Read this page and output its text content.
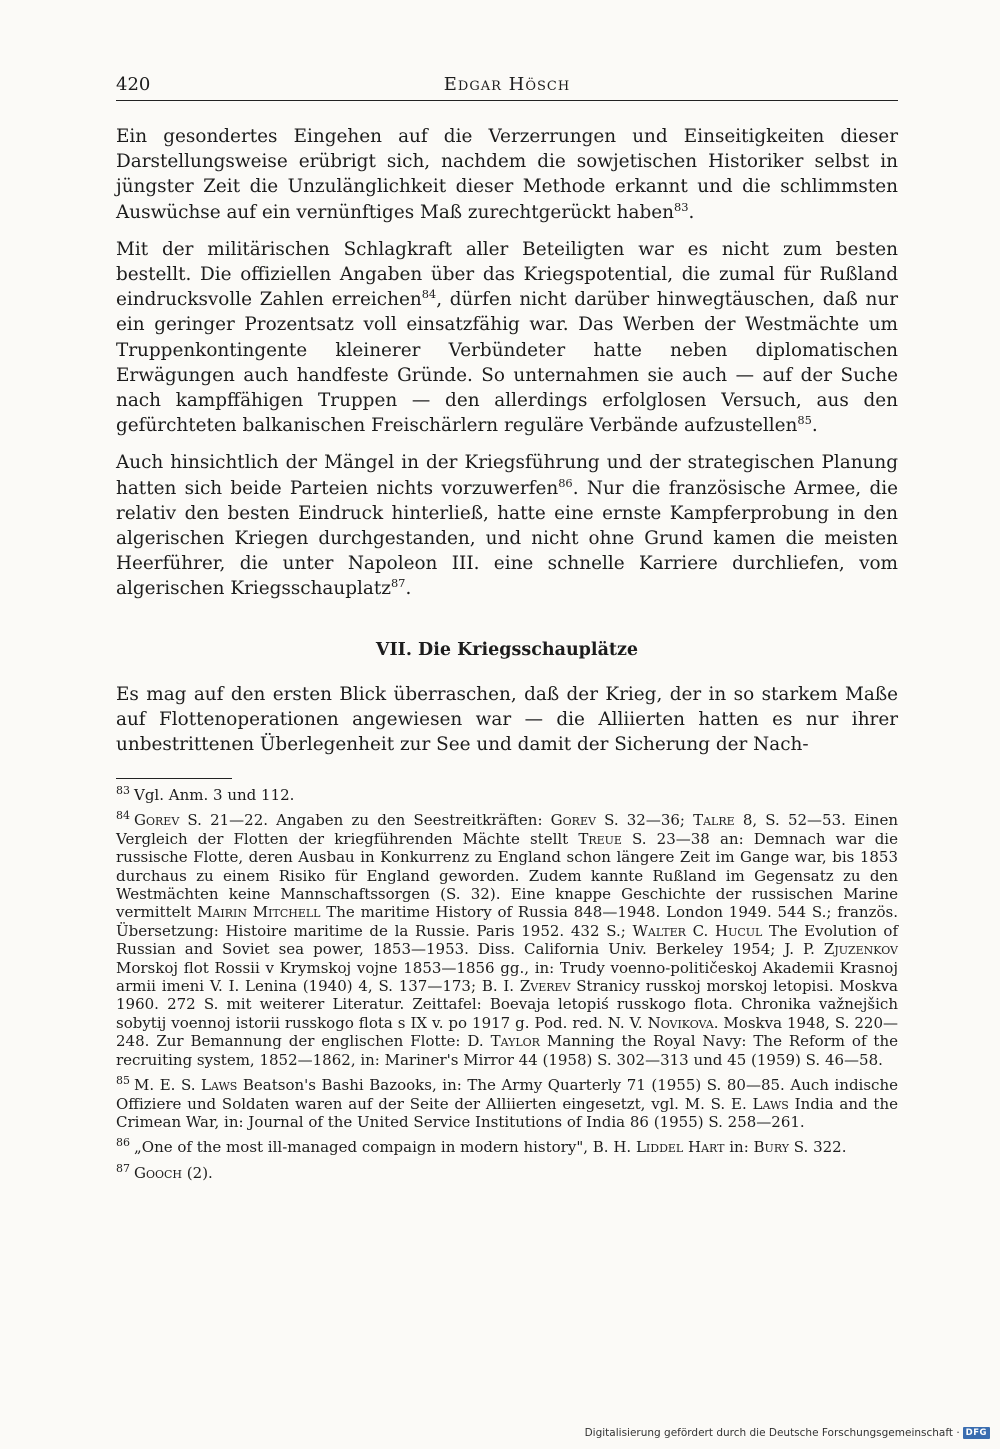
420	Edgar Hösch

Ein gesondertes Eingehen auf die Verzerrungen und Einseitigkeiten dieser Darstellungsweise erübrigt sich, nachdem die sowjetischen Historiker selbst in jüngster Zeit die Unzulänglichkeit dieser Methode erkannt und die schlimmsten Auswüchse auf ein vernünftiges Maß zurechtgerückt haben$^{83}$.

Mit der militärischen Schlagkraft aller Beteiligten war es nicht zum besten bestellt. Die offiziellen Angaben über das Kriegspotential, die zumal für Rußland eindrucksvolle Zahlen erreichen$^{84}$, dürfen nicht darüber hinwegtäuschen, daß nur ein geringer Prozentsatz voll einsatzfähig war. Das Werben der Westmächte um Truppenkontingente kleinerer Verbündeter hatte neben diplomatischen Erwägungen auch handfeste Gründe. So unternahmen sie auch — auf der Suche nach kampffähigen Truppen — den allerdings erfolglosen Versuch, aus den gefürchteten balkanischen Freischärlern reguläre Verbände aufzustellen$^{85}$.

Auch hinsichtlich der Mängel in der Kriegsführung und der strategischen Planung hatten sich beide Parteien nichts vorzuwerfen$^{86}$. Nur die französische Armee, die relativ den besten Eindruck hinterließ, hatte eine ernste Kampferprobung in den algerischen Kriegen durchgestanden, und nicht ohne Grund kamen die meisten Heerführer, die unter Napoleon III. eine schnelle Karriere durchliefen, vom algerischen Kriegsschauplatz$^{87}$.

VII. Die Kriegsschauplätze

Es mag auf den ersten Blick überraschen, daß der Krieg, der in so starkem Maße auf Flottenoperationen angewiesen war — die Alliierten hatten es nur ihrer unbestrittenen Überlegenheit zur See und damit der Sicherung der Nach-

$^{83}$ Vgl. Anm. 3 und 112.

$^{84}$ Gorev S. 21—22. Angaben zu den Seestreitkräften: Gorev S. 32—36; Talre 8, S. 52—53. Einen Vergleich der Flotten der kriegführenden Mächte stellt Treue S. 23—38 an: Demnach war die russische Flotte, deren Ausbau in Konkurrenz zu England schon längere Zeit im Gange war, bis 1853 durchaus zu einem Risiko für England geworden. Zudem kannte Rußland im Gegensatz zu den Westmächten keine Mannschaftssorgen (S. 32). Eine knappe Geschichte der russischen Marine vermittelt Mairin Mitchell The maritime History of Russia 848—1948. London 1949. 544 S.; französ. Übersetzung: Histoire maritime de la Russie. Paris 1952. 432 S.; Walter C. Hucul The Evolution of Russian and Soviet sea power, 1853—1953. Diss. California Univ. Berkeley 1954; J. P. Zjuzenkov Morskoj flot Rossii v Krymskoj vojne 1853—1856 gg., in: Trudy voenno-političeskoj Akademii Krasnoj armii imeni V. I. Lenina (1940) 4, S. 137—173; B. I. Zverev Stranicy russkoj morskoj letopisi. Moskva 1960. 272 S. mit weiterer Literatur. Zeittafel: Boevaja letopiś russkogo flota. Chronika važnejšich sobytij voennoj istorii russkogo flota s IX v. po 1917 g. Pod. red. N. V. Novikova. Moskva 1948, S. 220—248. Zur Bemannung der englischen Flotte: D. Taylor Manning the Royal Navy: The Reform of the recruiting system, 1852—1862, in: Mariner's Mirror 44 (1958) S. 302—313 und 45 (1959) S. 46—58.

$^{85}$ M. E. S. Laws Beatson's Bashi Bazooks, in: The Army Quarterly 71 (1955) S. 80—85. Auch indische Offiziere und Soldaten waren auf der Seite der Alliierten eingesetzt, vgl. M. S. E. Laws India and the Crimean War, in: Journal of the United Service Institutions of India 86 (1955) S. 258—261.

$^{86}$ „One of the most ill-managed compaign in modern history", B. H. Liddel Hart in: Bury S. 322.

$^{87}$ Gooch (2).

Digitalisierung gefördert durch die Deutsche Forschungsgemeinschaft · DFG
